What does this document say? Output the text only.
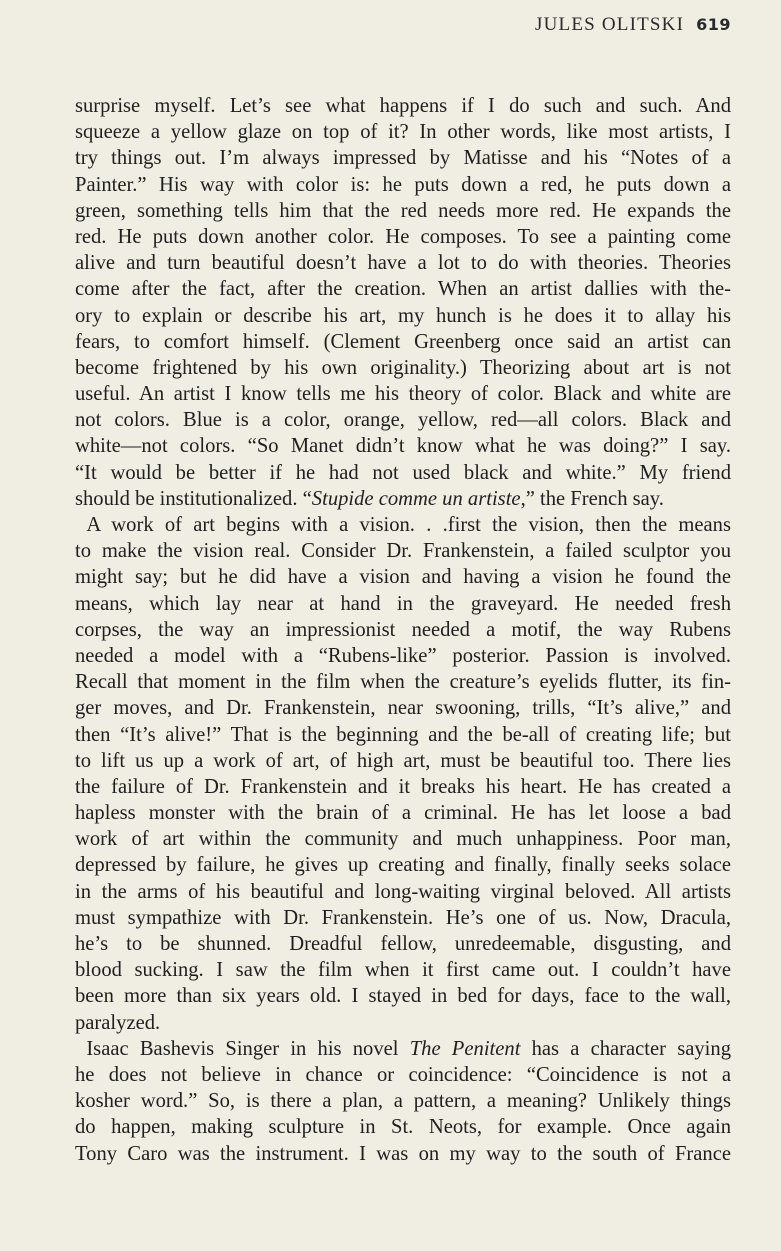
JULES OLITSKI 619
surprise myself. Let’s see what happens if I do such and such. And
squeeze a yellow glaze on top of it? In other words, like most artists, I
try things out. I’m always impressed by Matisse and his “Notes of a
Painter.” His way with color is: he puts down a red, he puts down a
green, something tells him that the red needs more red. He expands the
red. He puts down another color. He composes. To see a painting come
alive and turn beautiful doesn’t have a lot to do with theories. Theories
come after the fact, after the creation. When an artist dallies with the-
ory to explain or describe his art, my hunch is he does it to allay his
fears, to comfort himself. (Clement Greenberg once said an artist can
become frightened by his own originality.) Theorizing about art is not
useful. An artist I know tells me his theory of color. Black and white are
not colors. Blue is a color, orange, yellow, red—all colors. Black and
white—not colors. “So Manet didn’t know what he was doing?” I say.
“It would be better if he had not used black and white.” My friend
should be institutionalized. “Stupide comme un artiste,” the French say.
A work of art begins with a vision. . .first the vision, then the means
to make the vision real. Consider Dr. Frankenstein, a failed sculptor you
might say; but he did have a vision and having a vision he found the
means, which lay near at hand in the graveyard. He needed fresh
corpses, the way an impressionist needed a motif, the way Rubens
needed a model with a “Rubens-like” posterior. Passion is involved.
Recall that moment in the film when the creature’s eyelids flutter, its fin-
ger moves, and Dr. Frankenstein, near swooning, trills, “It’s alive,” and
then “It’s alive!” That is the beginning and the be-all of creating life; but
to lift us up a work of art, of high art, must be beautiful too. There lies
the failure of Dr. Frankenstein and it breaks his heart. He has created a
hapless monster with the brain of a criminal. He has let loose a bad
work of art within the community and much unhappiness. Poor man,
depressed by failure, he gives up creating and finally, finally seeks solace
in the arms of his beautiful and long-waiting virginal beloved. All artists
must sympathize with Dr. Frankenstein. He’s one of us. Now, Dracula,
he’s to be shunned. Dreadful fellow, unredeemable, disgusting, and
blood sucking. I saw the film when it first came out. I couldn’t have
been more than six years old. I stayed in bed for days, face to the wall,
paralyzed.
Isaac Bashevis Singer in his novel The Penitent has a character saying
he does not believe in chance or coincidence: “Coincidence is not a
kosher word.” So, is there a plan, a pattern, a meaning? Unlikely things
do happen, making sculpture in St. Neots, for example. Once again
Tony Caro was the instrument. I was on my way to the south of France
